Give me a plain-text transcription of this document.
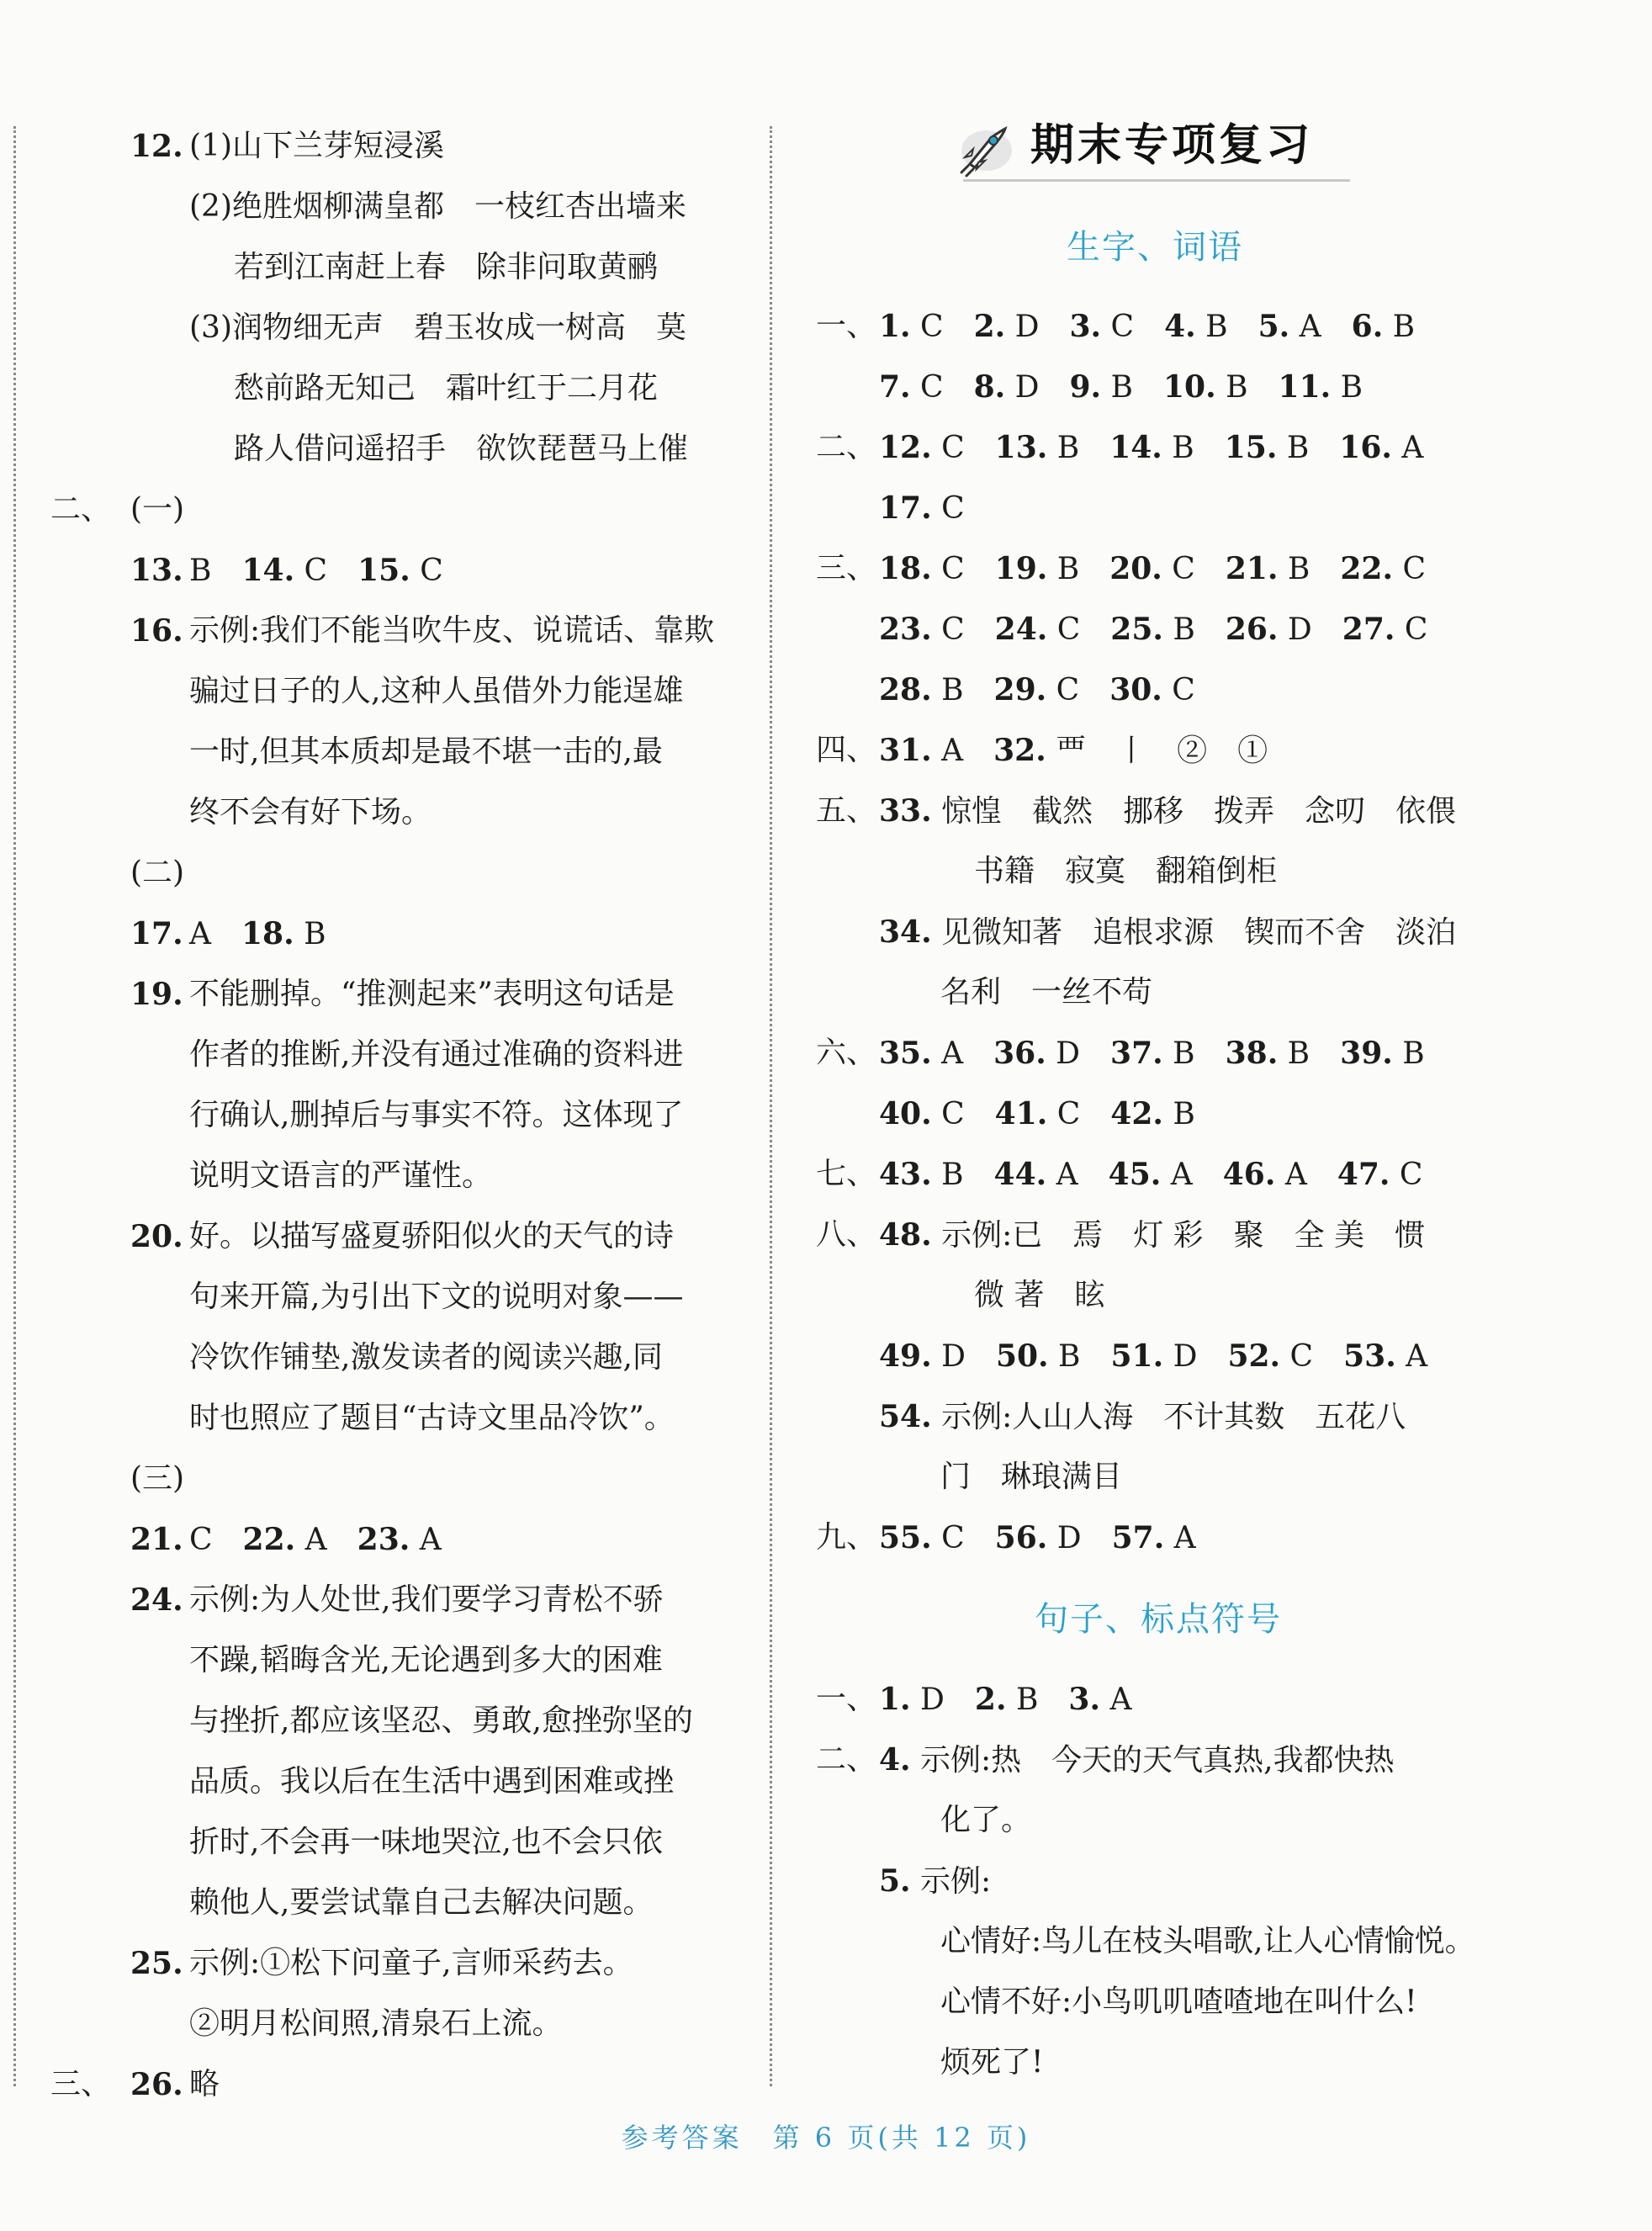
12. (1)山下兰芽短浸溪
(2)绝胜烟柳满皇都　一枝红杏出墙来
若到江南赶上春　除非问取黄鹂
(3)润物细无声　碧玉妆成一树高　莫
愁前路无知己　霜叶红于二月花
路人借问遥招手　欲饮琵琶马上催
二、 (一)
13. B　14. C　15. C
16. 示例:我们不能当吹牛皮、说谎话、靠欺
骗过日子的人,这种人虽借外力能逞雄
一时,但其本质却是最不堪一击的,最
终不会有好下场。
(二)
17. A　18. B
19. 不能删掉。“推测起来”表明这句话是
作者的推断,并没有通过准确的资料进
行确认,删掉后与事实不符。这体现了
说明文语言的严谨性。
20. 好。以描写盛夏骄阳似火的天气的诗
句来开篇,为引出下文的说明对象——
冷饮作铺垫,激发读者的阅读兴趣,同
时也照应了题目“古诗文里品冷饮”。
(三)
21. C　22. A　23. A
24. 示例:为人处世,我们要学习青松不骄
不躁,韬晦含光,无论遇到多大的困难
与挫折,都应该坚忍、勇敢,愈挫弥坚的
品质。我以后在生活中遇到困难或挫
折时,不会再一味地哭泣,也不会只依
赖他人,要尝试靠自己去解决问题。
25. 示例:①松下问童子,言师采药去。
②明月松间照,清泉石上流。
三、 26. 略
期末专项复习
生字、词语
一、 1. C　2. D　3. C　4. B　5. A　6. B
7. C　8. D　9. B　10. B　11. B
二、 12. C　13. B　14. B　15. B　16. A
17. C
三、 18. C　19. B　20. C　21. B　22. C
23. C　24. C　25. B　26. D　27. C
28. B　29. C　30. C
四、 31. A　32. 覀　丨　②　①
五、 33. 惊惶　截然　挪移　拨弄　念叨　依偎
书籍　寂寞　翻箱倒柜
34. 见微知著　追根求源　锲而不舍　淡泊
名利　一丝不苟
六、 35. A　36. D　37. B　38. B　39. B
40. C　41. C　42. B
七、 43. B　44. A　45. A　46. A　47. C
八、 48. 示例:已　焉　灯 彩　聚　全 美　惯
微 著　眩
49. D　50. B　51. D　52. C　53. A
54. 示例:人山人海　不计其数　五花八
门　琳琅满目
九、 55. C　56. D　57. A
句子、标点符号
一、 1. D　2. B　3. A
二、 4. 示例:热　今天的天气真热,我都快热
化了。
5. 示例:
心情好:鸟儿在枝头唱歌,让人心情愉悦。
心情不好:小鸟叽叽喳喳地在叫什么!
烦死了!
参考答案　第 6 页(共 12 页)
